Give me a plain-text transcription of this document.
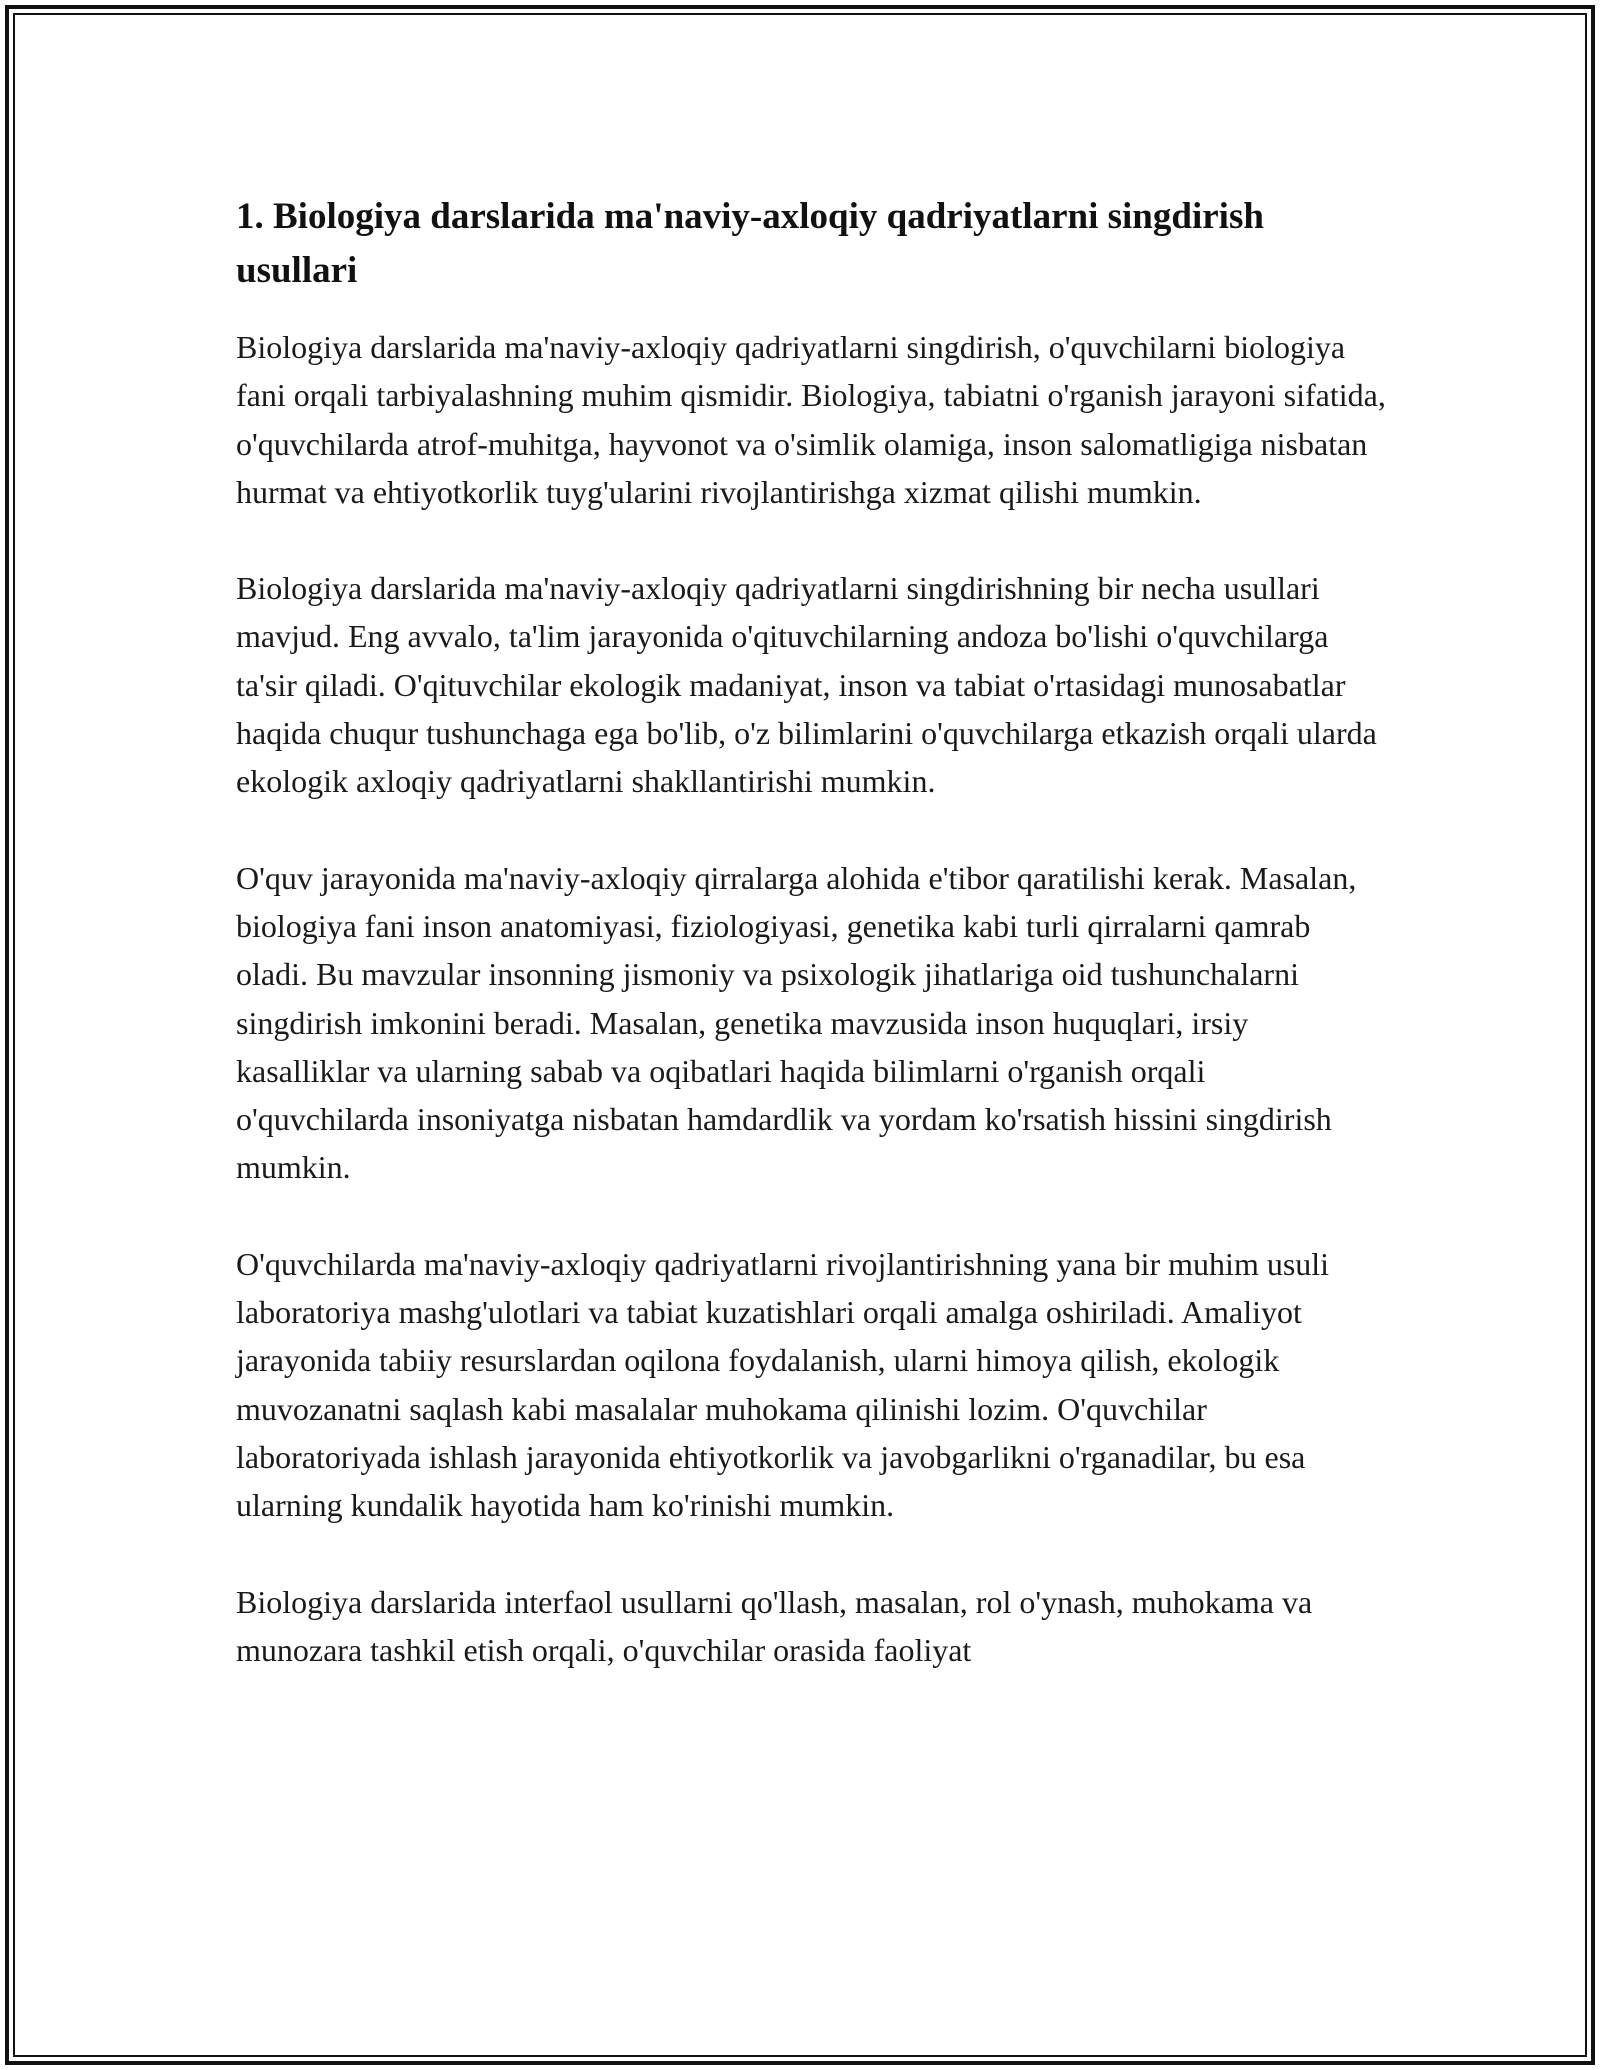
1. Biologiya darslarida ma'naviy-axloqiy qadriyatlarni singdirish usullari

Biologiya darslarida ma'naviy-axloqiy qadriyatlarni singdirish, o'quvchilarni biologiya fani orqali tarbiyalashning muhim qismidir. Biologiya, tabiatni o'rganish jarayoni sifatida, o'quvchilarda atrof-muhitga, hayvonot va o'simlik olamiga, inson salomatligiga nisbatan hurmat va ehtiyotkorlik tuyg'ularini rivojlantirishga xizmat qilishi mumkin.

Biologiya darslarida ma'naviy-axloqiy qadriyatlarni singdirishning bir necha usullari mavjud. Eng avvalo, ta'lim jarayonida o'qituvchilarning andoza bo'lishi o'quvchilarga ta'sir qiladi. O'qituvchilar ekologik madaniyat, inson va tabiat o'rtasidagi munosabatlar haqida chuqur tushunchaga ega bo'lib, o'z bilimlarini o'quvchilarga etkazish orqali ularda ekologik axloqiy qadriyatlarni shakllantirishi mumkin.

O'quv jarayonida ma'naviy-axloqiy qirralarga alohida e'tibor qaratilishi kerak. Masalan, biologiya fani inson anatomiyasi, fiziologiyasi, genetika kabi turli qirralarni qamrab oladi. Bu mavzular insonning jismoniy va psixologik jihatlariga oid tushunchalarni singdirish imkonini beradi. Masalan, genetika mavzusida inson huquqlari, irsiy kasalliklar va ularning sabab va oqibatlari haqida bilimlarni o'rganish orqali o'quvchilarda insoniyatga nisbatan hamdardlik va yordam ko'rsatish hissini singdirish mumkin.

O'quvchilarda ma'naviy-axloqiy qadriyatlarni rivojlantirishning yana bir muhim usuli laboratoriya mashg'ulotlari va tabiat kuzatishlari orqali amalga oshiriladi. Amaliyot jarayonida tabiiy resurslardan oqilona foydalanish, ularni himoya qilish, ekologik muvozanatni saqlash kabi masalalar muhokama qilinishi lozim. O'quvchilar laboratoriyada ishlash jarayonida ehtiyotkorlik va javobgarlikni o'rganadilar, bu esa ularning kundalik hayotida ham ko'rinishi mumkin.

Biologiya darslarida interfaol usullarni qo'llash, masalan, rol o'ynash, muhokama va munozara tashkil etish orqali, o'quvchilar orasida faoliyat
